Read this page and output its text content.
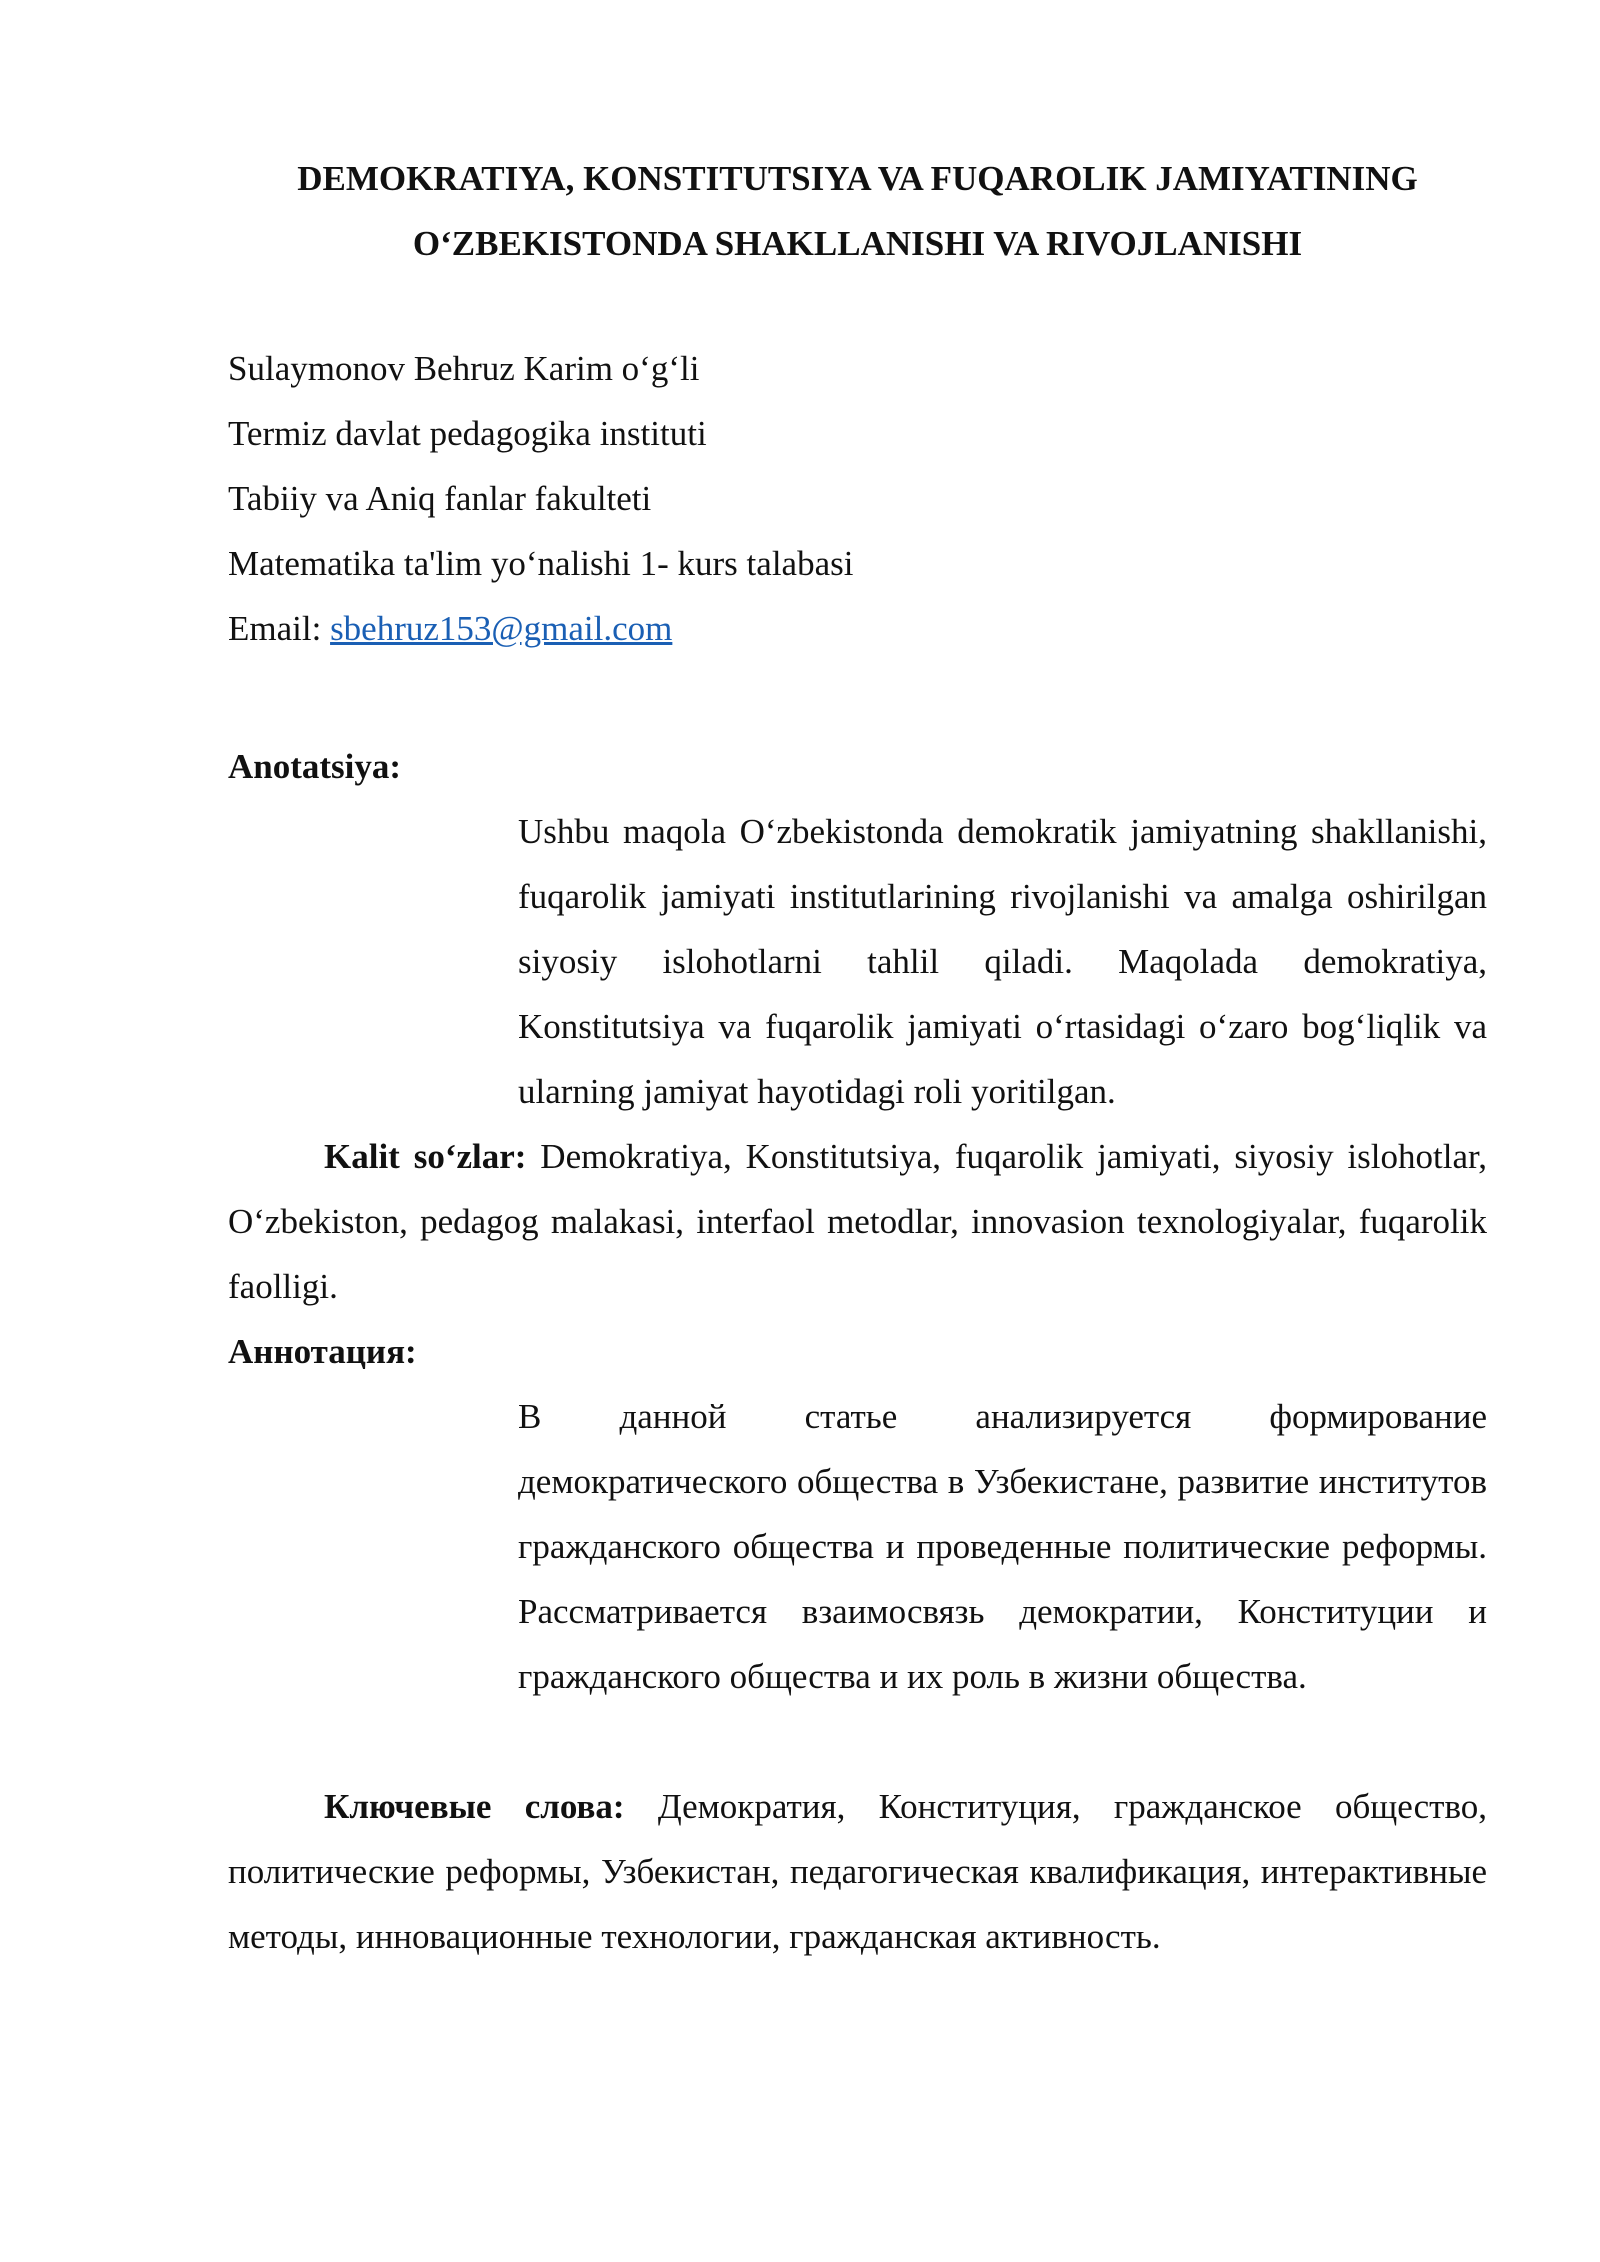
DEMOKRATIYA, KONSTITUTSIYA VA FUQAROLIK JAMIYATINING
O‘ZBEKISTONDA SHAKLLANISHI VA RIVOJLANISHI
Sulaymonov Behruz Karim o‘g‘li
Termiz davlat pedagogika instituti
Tabiiy va Aniq fanlar fakulteti
Matematika ta'lim yo‘nalishi 1- kurs talabasi
Email: sbehruz153@gmail.com
Anotatsiya:

Ushbu maqola O‘zbekistonda demokratik jamiyatning shakllanishi, fuqarolik jamiyati institutlarining rivojlanishi va amalga oshirilgan siyosiy islohotlarni tahlil qiladi. Maqolada demokratiya, Konstitutsiya va fuqarolik jamiyati o‘rtasidagi o‘zaro bog‘liqlik va ularning jamiyat hayotidagi roli yoritilgan.

Kalit so‘zlar: Demokratiya, Konstitutsiya, fuqarolik jamiyati, siyosiy islohotlar, O‘zbekiston, pedagog malakasi, interfaol metodlar, innovasion texnologiyalar, fuqarolik faolligi.

Аннотация:

В данной статье анализируется формирование демократического общества в Узбекистане, развитие институтов гражданского общества и проведенные политические реформы. Рассматривается взаимосвязь демократии, Конституции и гражданского общества и их роль в жизни общества.

Ключевые слова: Демократия, Конституция, гражданское общество, политические реформы, Узбекистан, педагогическая квалификация, интерактивные методы, инновационные технологии, гражданская активность.
